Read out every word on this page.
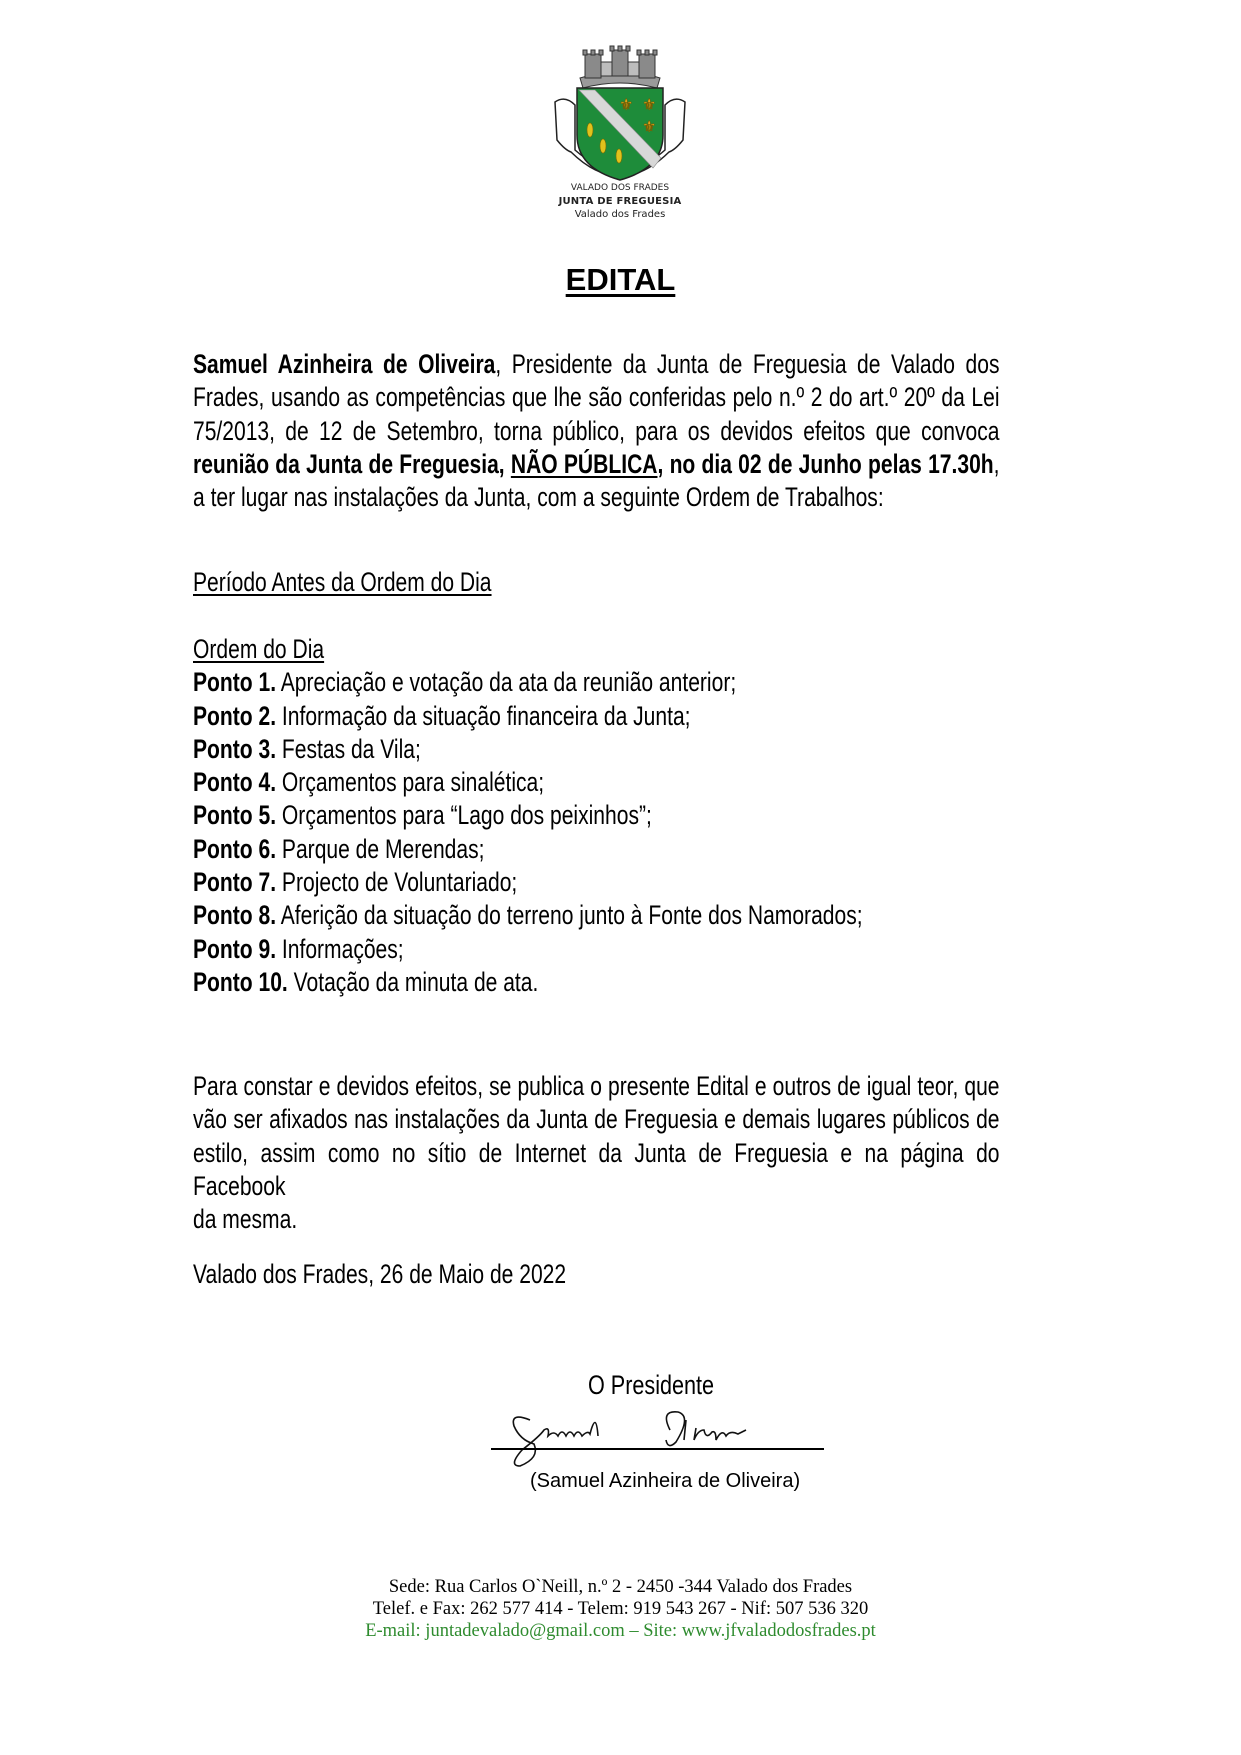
⚜ ⚜
⚜
VALADO DOS FRADES
JUNTA DE FREGUESIA
Valado dos Frades
EDITAL
Samuel Azinheira de Oliveira, Presidente da Junta de Freguesia de Valado dos
Frades, usando as competências que lhe são conferidas pelo n.º 2 do art.º 20º da Lei
75/2013, de 12 de Setembro, torna público, para os devidos efeitos que convoca
reunião da Junta de Freguesia, NÃO PÚBLICA, no dia 02 de Junho pelas 17.30h,
a ter lugar nas instalações da Junta, com a seguinte Ordem de Trabalhos:
Período Antes da Ordem do Dia
Ordem do Dia
Ponto 1. Apreciação e votação da ata da reunião anterior;
Ponto 2. Informação da situação financeira da Junta;
Ponto 3. Festas da Vila;
Ponto 4. Orçamentos para sinalética;
Ponto 5. Orçamentos para “Lago dos peixinhos”;
Ponto 6. Parque de Merendas;
Ponto 7. Projecto de Voluntariado;
Ponto 8. Aferição da situação do terreno junto à Fonte dos Namorados;
Ponto 9. Informações;
Ponto 10. Votação da minuta de ata.
Para constar e devidos efeitos, se publica o presente Edital e outros de igual teor, que
vão ser afixados nas instalações da Junta de Freguesia e demais lugares públicos de
estilo, assim como no sítio de Internet da Junta de Freguesia e na página do Facebook
da mesma.
Valado dos Frades, 26 de Maio de 2022
O Presidente
(Samuel Azinheira de Oliveira)
Sede: Rua Carlos O`Neill, n.º 2 - 2450 -344 Valado dos Frades
Telef. e Fax: 262 577 414 - Telem: 919 543 267 - Nif: 507 536 320
E-mail: juntadevalado@gmail.com – Site: www.jfvaladodosfrades.pt
